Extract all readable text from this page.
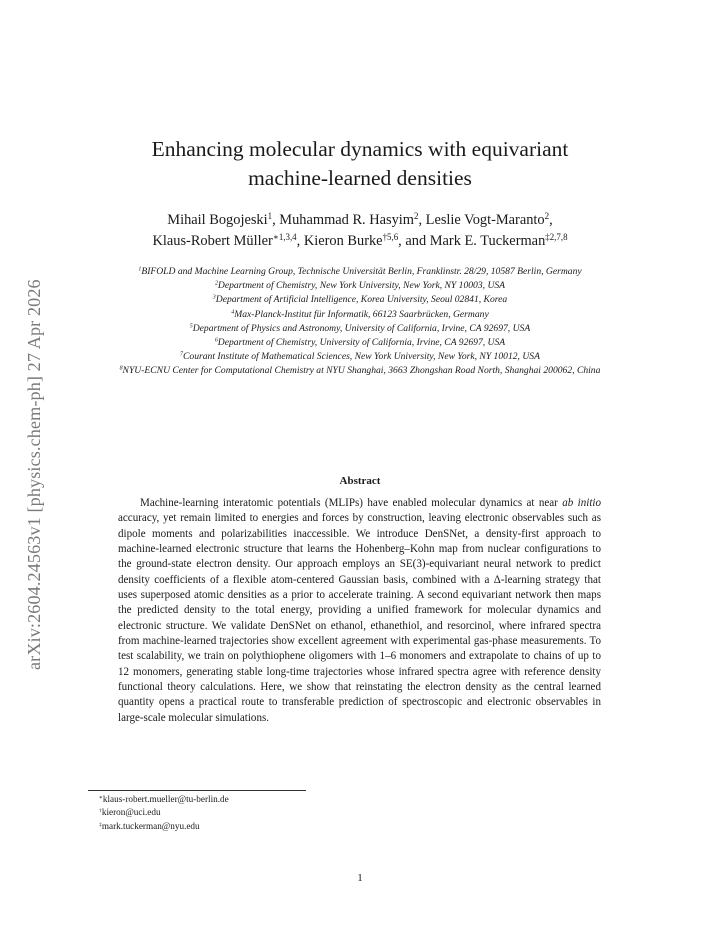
arXiv:2604.24563v1 [physics.chem-ph] 27 Apr 2026
Enhancing molecular dynamics with equivariant
machine-learned densities
Mihail Bogojeski$^1$, Muhammad R. Hasyim$^2$, Leslie Vogt-Maranto$^2$,
Klaus-Robert Müller$^{∗1,3,4}$, Kieron Burke$^{\dagger 5,6}$, and Mark E. Tuckerman$^{\ddagger 2,7,8}$
$^1$BIFOLD and Machine Learning Group, Technische Universität Berlin, Franklinstr. 28/29, 10587 Berlin, Germany
$^2$Department of Chemistry, New York University, New York, NY 10003, USA
$^3$Department of Artificial Intelligence, Korea University, Seoul 02841, Korea
$^4$Max-Planck-Institut für Informatik, 66123 Saarbrücken, Germany
$^5$Department of Physics and Astronomy, University of California, Irvine, CA 92697, USA
$^6$Department of Chemistry, University of California, Irvine, CA 92697, USA
$^7$Courant Institute of Mathematical Sciences, New York University, New York, NY 10012, USA
$^8$NYU-ECNU Center for Computational Chemistry at NYU Shanghai, 3663 Zhongshan Road North, Shanghai 200062, China
Abstract

Machine-learning interatomic potentials (MLIPs) have enabled molecular dynamics at near ab initio accuracy, yet remain limited to energies and forces by construction, leaving electronic observables such as dipole moments and polarizabilities inaccessible. We introduce DenSNet, a density-first approach to machine-learned electronic structure that learns the Hohenberg–Kohn map from nuclear configurations to the ground-state electron density. Our approach employs an SE(3)-equivariant neural network to predict density coefficients of a flexible atom-centered Gaussian basis, combined with a Δ-learning strategy that uses superposed atomic densities as a prior to accelerate training. A second equivariant network then maps the predicted density to the total energy, providing a unified framework for molecular dynamics and electronic structure. We validate DenSNet on ethanol, ethanethiol, and resorcinol, where infrared spectra from machine-learned trajectories show excellent agreement with experimental gas-phase measurements. To test scalability, we train on polythiophene oligomers with 1–6 monomers and extrapolate to chains of up to 12 monomers, generating stable long-time trajectories whose infrared spectra agree with reference density functional theory calculations. Here, we show that reinstating the electron density as the central learned quantity opens a practical route to transferable prediction of spectroscopic and electronic observables in large-scale molecular simulations.

∗klaus-robert.mueller@tu-berlin.de
†kieron@uci.edu
‡mark.tuckerman@nyu.edu
1
